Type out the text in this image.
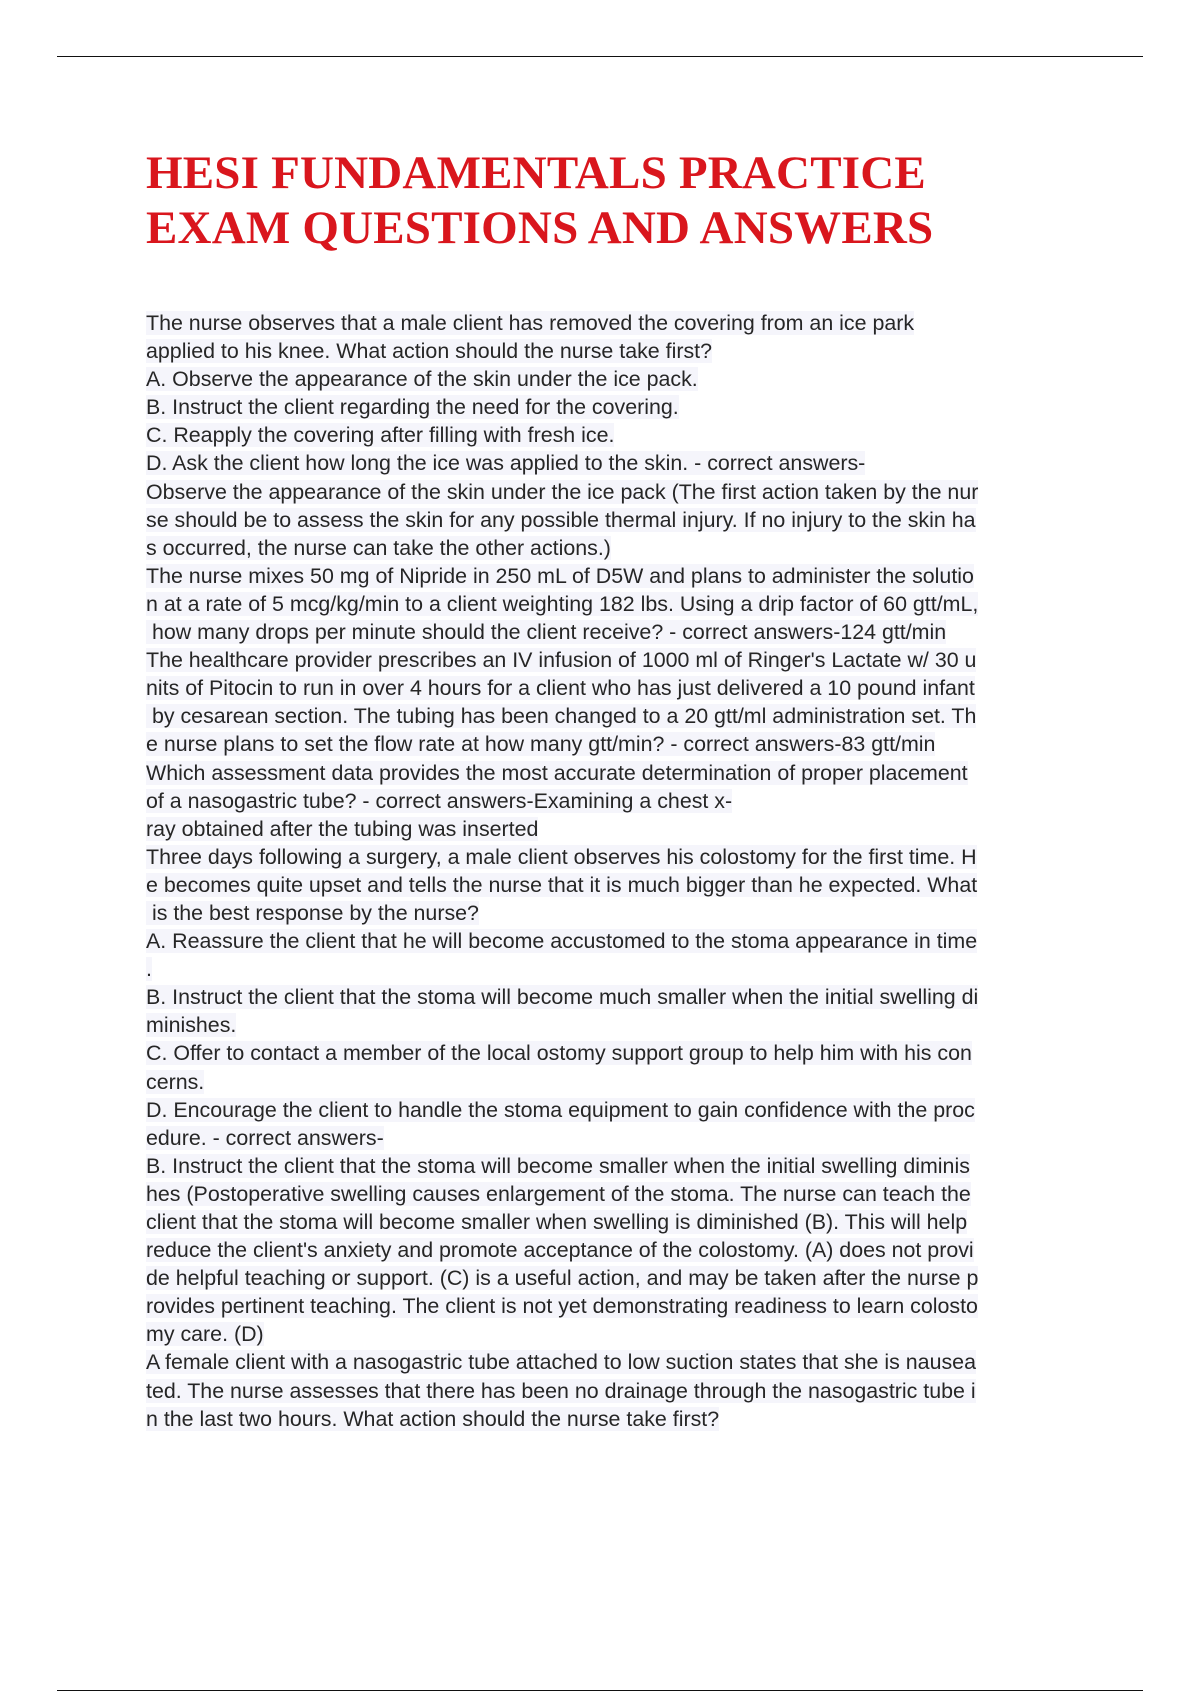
HESI FUNDAMENTALS PRACTICE
EXAM QUESTIONS AND ANSWERS
The nurse observes that a male client has removed the covering from an ice park
applied to his knee. What action should the nurse take first?
A. Observe the appearance of the skin under the ice pack.
B. Instruct the client regarding the need for the covering.
C. Reapply the covering after filling with fresh ice.
D. Ask the client how long the ice was applied to the skin. - correct answers-
Observe the appearance of the skin under the ice pack (The first action taken by the nur
se should be to assess the skin for any possible thermal injury. If no injury to the skin ha
s occurred, the nurse can take the other actions.)
The nurse mixes 50 mg of Nipride in 250 mL of D5W and plans to administer the solutio
n at a rate of 5 mcg/kg/min to a client weighting 182 lbs. Using a drip factor of 60 gtt/mL,
how many drops per minute should the client receive? - correct answers-124 gtt/min
The healthcare provider prescribes an IV infusion of 1000 ml of Ringer's Lactate w/ 30 u
nits of Pitocin to run in over 4 hours for a client who has just delivered a 10 pound infant
by cesarean section. The tubing has been changed to a 20 gtt/ml administration set. Th
e nurse plans to set the flow rate at how many gtt/min? - correct answers-83 gtt/min
Which assessment data provides the most accurate determination of proper placement
of a nasogastric tube? - correct answers-Examining a chest x-
ray obtained after the tubing was inserted
Three days following a surgery, a male client observes his colostomy for the first time. H
e becomes quite upset and tells the nurse that it is much bigger than he expected. What
is the best response by the nurse?
A. Reassure the client that he will become accustomed to the stoma appearance in time
.
B. Instruct the client that the stoma will become much smaller when the initial swelling di
minishes.
C. Offer to contact a member of the local ostomy support group to help him with his con
cerns.
D. Encourage the client to handle the stoma equipment to gain confidence with the proc
edure. - correct answers-
B. Instruct the client that the stoma will become smaller when the initial swelling diminis
hes (Postoperative swelling causes enlargement of the stoma. The nurse can teach the
client that the stoma will become smaller when swelling is diminished (B). This will help
reduce the client's anxiety and promote acceptance of the colostomy. (A) does not provi
de helpful teaching or support. (C) is a useful action, and may be taken after the nurse p
rovides pertinent teaching. The client is not yet demonstrating readiness to learn colosto
my care. (D)
A female client with a nasogastric tube attached to low suction states that she is nausea
ted. The nurse assesses that there has been no drainage through the nasogastric tube i
n the last two hours. What action should the nurse take first?
